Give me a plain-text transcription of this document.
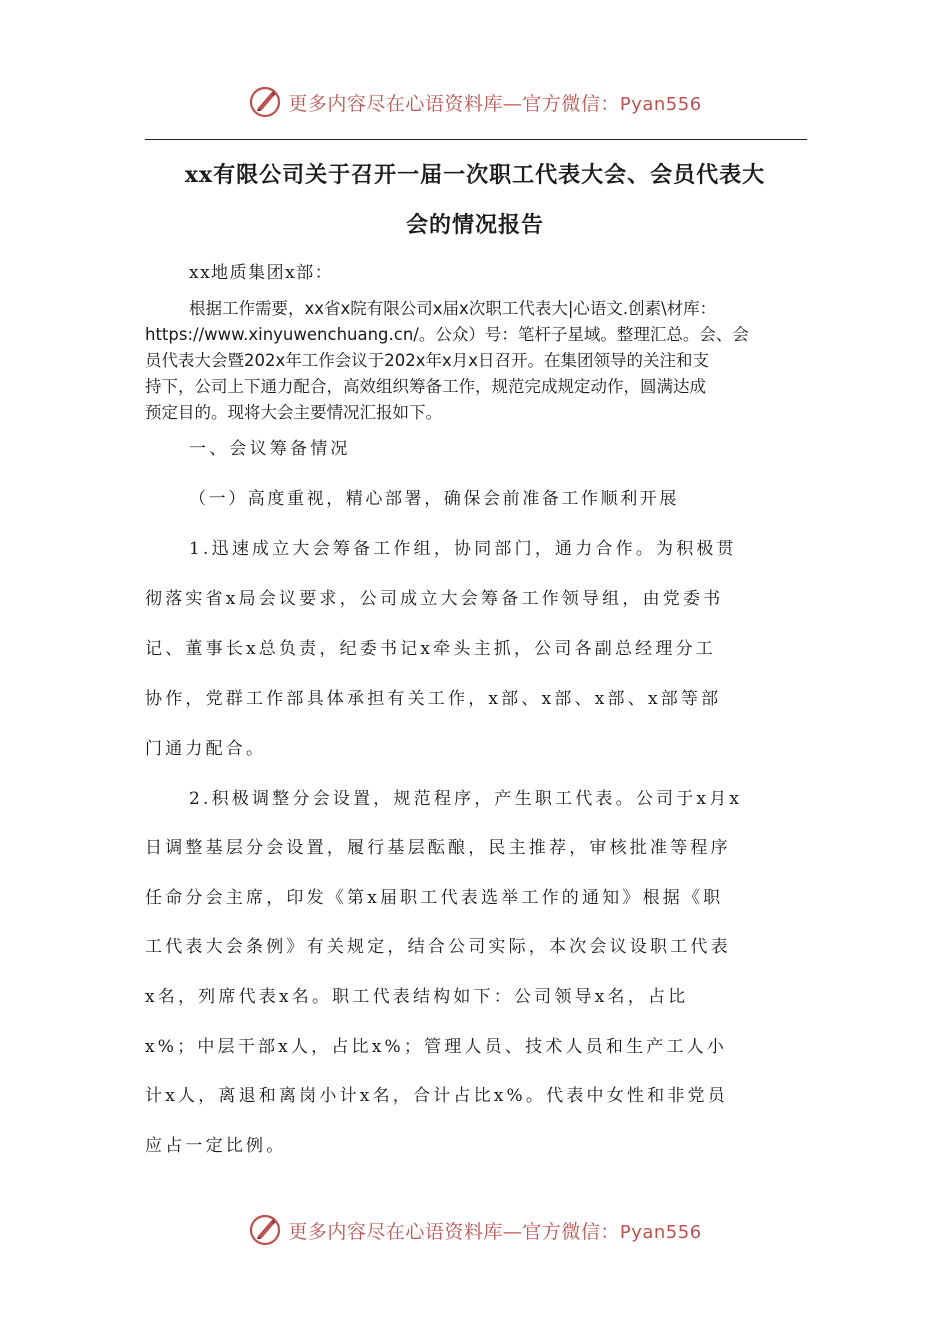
更多内容尽在心语资料库—官方微信：Pyan556
xx有限公司关于召开一届一次职工代表大会、会员代表大
会的情况报告
xx地质集团x部：
根据工作需要，xx省x院有限公司x届x次职工代表大|心语文.创素\材库：
https://www.xinyuwenchuang.cn/。公众）号：笔杆子星域。整理汇总。会、会
员代表大会暨202x年工作会议于202x年x月x日召开。在集团领导的关注和支
持下，公司上下通力配合，高效组织筹备工作，规范完成规定动作，圆满达成
预定目的。现将大会主要情况汇报如下。
一、会议筹备情况
（一）高度重视，精心部署，确保会前准备工作顺利开展
1.迅速成立大会筹备工作组，协同部门，通力合作。为积极贯
彻落实省x局会议要求，公司成立大会筹备工作领导组，由党委书
记、董事长x总负责，纪委书记x牵头主抓，公司各副总经理分工
协作，党群工作部具体承担有关工作，x部、x部、x部、x部等部
门通力配合。
2.积极调整分会设置，规范程序，产生职工代表。公司于x月x
日调整基层分会设置，履行基层酝酿，民主推荐，审核批准等程序
任命分会主席，印发《第x届职工代表选举工作的通知》根据《职
工代表大会条例》有关规定，结合公司实际，本次会议设职工代表
x名，列席代表x名。职工代表结构如下：公司领导x名，占比
x%；中层干部x人，占比x%；管理人员、技术人员和生产工人小
计x人，离退和离岗小计x名，合计占比x%。代表中女性和非党员
应占一定比例。
更多内容尽在心语资料库—官方微信：Pyan556
